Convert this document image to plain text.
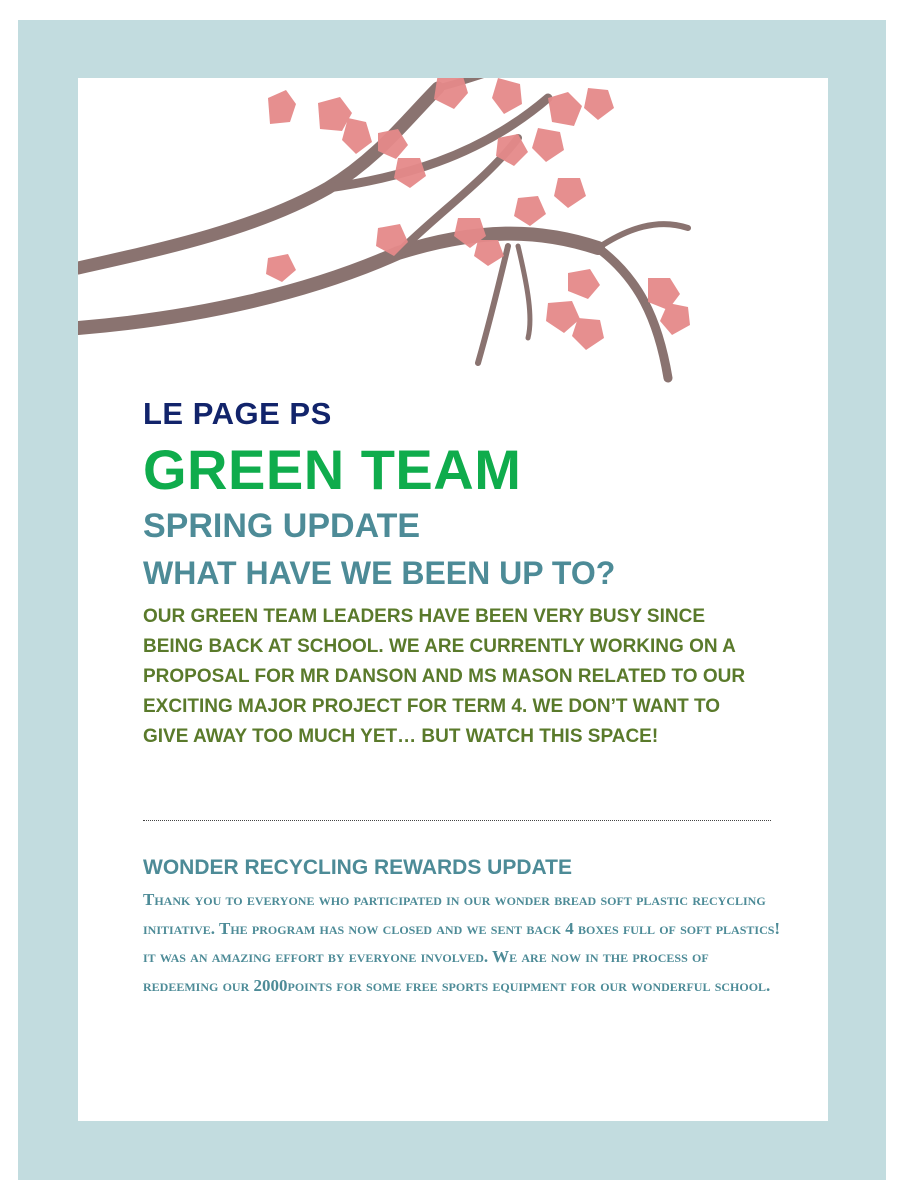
LE PAGE PS
GREEN TEAM
SPRING UPDATE
WHAT HAVE WE BEEN UP TO?

OUR GREEN TEAM LEADERS HAVE BEEN VERY BUSY SINCE BEING BACK AT SCHOOL. WE ARE CURRENTLY WORKING ON A PROPOSAL FOR MR DANSON AND MS MASON RELATED TO OUR EXCITING MAJOR PROJECT FOR TERM 4. WE DON’T WANT TO GIVE AWAY TOO MUCH YET… BUT WATCH THIS SPACE!

WONDER RECYCLING REWARDS UPDATE

Thank you to everyone who participated in our wonder bread soft plastic recycling initiative. The program has now closed and we sent back 4 boxes full of soft plastics! it was an amazing effort by everyone involved. We are now in the process of redeeming our 2000points for some free sports equipment for our wonderful school.
